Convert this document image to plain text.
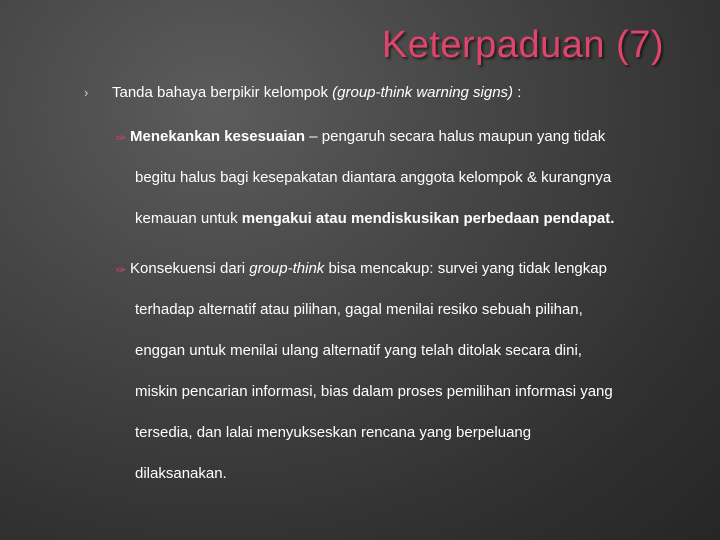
Keterpaduan (7)
› Tanda bahaya berpikir kelompok (group-think warning signs) :
✑ Menekankan kesesuaian – pengaruh secara halus maupun yang tidak
begitu halus bagi kesepakatan diantara anggota kelompok & kurangnya
kemauan untuk mengakui atau mendiskusikan perbedaan pendapat.
✑ Konsekuensi dari group-think bisa mencakup: survei yang tidak lengkap
terhadap alternatif atau pilihan, gagal menilai resiko sebuah pilihan,
enggan untuk menilai ulang alternatif yang telah ditolak secara dini,
miskin pencarian informasi, bias dalam proses pemilihan informasi yang
tersedia, dan lalai menyukseskan rencana yang berpeluang
dilaksanakan.
